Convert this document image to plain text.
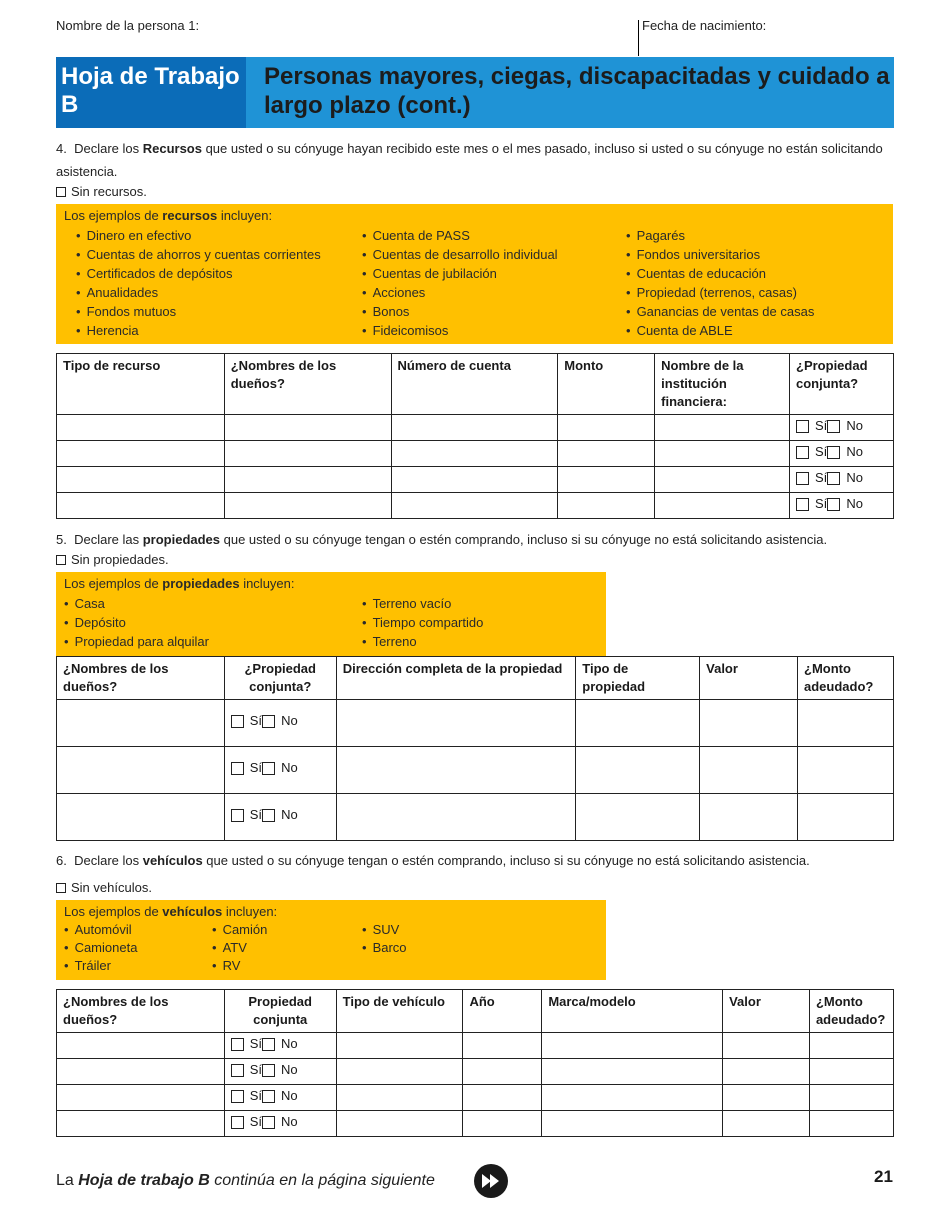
Nombre de la persona 1:	Fecha de nacimiento:
Hoja de Trabajo B
Personas mayores, ciegas, discapacitadas y cuidado a largo plazo (cont.)
4. Declare los Recursos que usted o su cónyuge hayan recibido este mes o el mes pasado, incluso si usted o su cónyuge no están solicitando asistencia.
Sin recursos.
Los ejemplos de recursos incluyen:
• Dinero en efectivo
• Cuentas de ahorros y cuentas corrientes
• Certificados de depósitos
• Anualidades
• Fondos mutuos
• Herencia
• Cuenta de PASS
• Cuentas de desarrollo individual
• Cuentas de jubilación
• Acciones
• Bonos
• Fideicomisos
• Pagarés
• Fondos universitarios
• Cuentas de educación
• Propiedad (terrenos, casas)
• Ganancias de ventas de casas
• Cuenta de ABLE
Tipo de recurso	¿Nombres de los dueños?	Número de cuenta	Monto	Nombre de la institución financiera:	¿Propiedad conjunta?
					Sí No
					Sí No
					Sí No
					Sí No
5. Declare las propiedades que usted o su cónyuge tengan o estén comprando, incluso si su cónyuge no está solicitando asistencia.
Sin propiedades.
Los ejemplos de propiedades incluyen:
• Casa
• Depósito
• Propiedad para alquilar
• Terreno vacío
• Tiempo compartido
• Terreno
¿Nombres de los dueños?	¿Propiedad conjunta?	Dirección completa de la propiedad	Tipo de propiedad	Valor	¿Monto adeudado?
	Sí No				
	Sí No				
	Sí No				
6. Declare los vehículos que usted o su cónyuge tengan o estén comprando, incluso si su cónyuge no está solicitando asistencia.
Sin vehículos.
Los ejemplos de vehículos incluyen:
• Automóvil
• Camioneta
• Tráiler
• Camión
• ATV
• RV
• SUV
• Barco
¿Nombres de los dueños?	Propiedad conjunta	Tipo de vehículo	Año	Marca/modelo	Valor	¿Monto adeudado?
	Sí No					
	Sí No					
	Sí No					
	Sí No					
La Hoja de trabajo B continúa en la página siguiente	21
